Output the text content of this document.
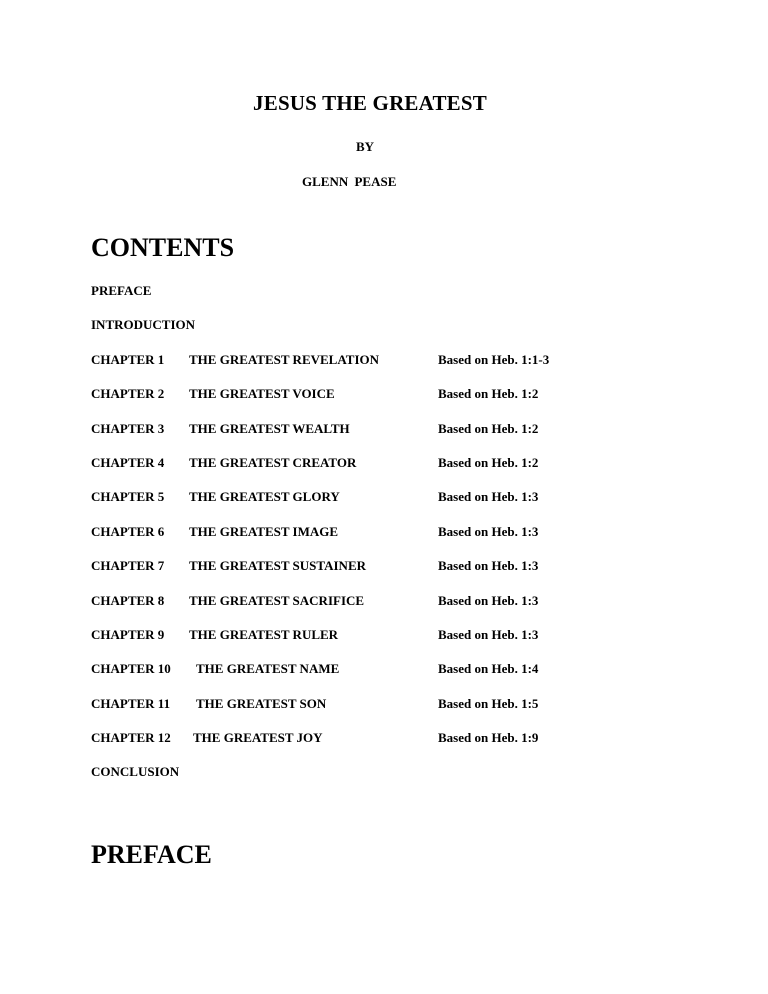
JESUS THE GREATEST
BY
GLENN PEASE
CONTENTS
PREFACE
INTRODUCTION
CHAPTER 1 THE GREATEST REVELATION	Based on Heb. 1:1-3
CHAPTER 2 THE GREATEST VOICE	Based on Heb. 1:2
CHAPTER 3 THE GREATEST WEALTH	Based on Heb. 1:2
CHAPTER 4 THE GREATEST CREATOR	Based on Heb. 1:2
CHAPTER 5 THE GREATEST GLORY	Based on Heb. 1:3
CHAPTER 6 THE GREATEST IMAGE	Based on Heb. 1:3
CHAPTER 7 THE GREATEST SUSTAINER	Based on Heb. 1:3
CHAPTER 8 THE GREATEST SACRIFICE	Based on Heb. 1:3
CHAPTER 9 THE GREATEST RULER	Based on Heb. 1:3
CHAPTER 10 THE GREATEST NAME	Based on Heb. 1:4
CHAPTER 11 THE GREATEST SON	Based on Heb. 1:5
CHAPTER 12 THE GREATEST JOY	Based on Heb. 1:9
CONCLUSION
PREFACE
